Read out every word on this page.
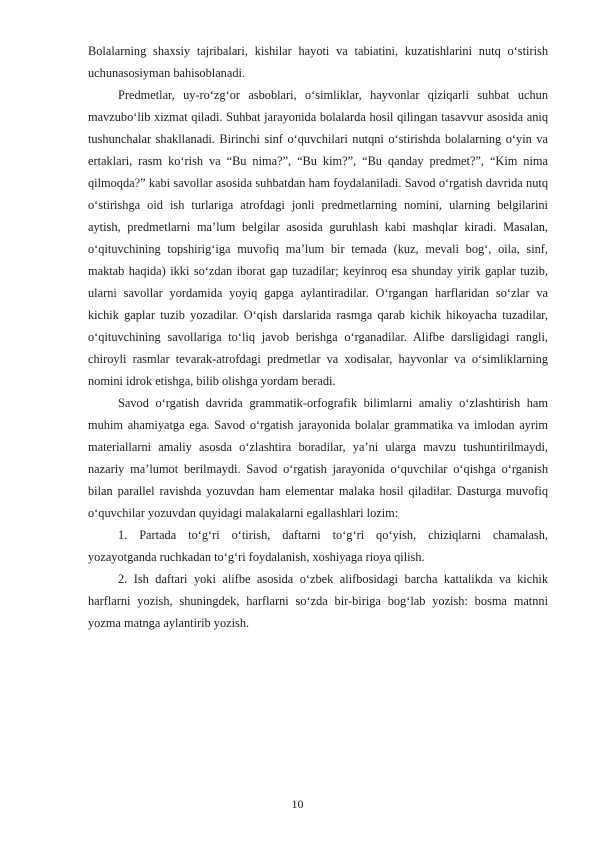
Bolalarning shaxsiy tajribalari, kishilar hayoti va tabiatini, kuzatishlarini nutq o‘stirish uchunasosiyman bahisoblanadi.

Predmetlar, uy-ro‘zg‘or asboblari, o‘simliklar, hayvonlar qiziqarli suhbat uchun mavzubo‘lib xizmat qiladi. Suhbat jarayonida bolalarda hosil qilingan tasavvur asosida aniq tushunchalar shakllanadi. Birinchi sinf o‘quvchilari nutqni o‘stirishda bolalarning o‘yin va ertaklari, rasm ko‘rish va “Bu nima?”, “Bu kim?”, “Bu qanday predmet?”, “Kim nima qilmoqda?” kabi savollar asosida suhbatdan ham foydalaniladi. Savod o‘rgatish davrida nutq o‘stirishga oid ish turlariga atrofdagi jonli predmetlarning nomini, ularning belgilarini aytish, predmetlarni ma’lum belgilar asosida guruhlash kabi mashqlar kiradi. Masalan, o‘qituvchining topshirig‘iga muvofiq ma’lum bir temada (kuz, mevali bog‘, oila, sinf, maktab haqida) ikki so‘zdan iborat gap tuzadilar; keyinroq esa shunday yirik gaplar tuzib, ularni savollar yordamida yoyiq gapga aylantiradilar. O‘rgangan harflaridan so‘zlar va kichik gaplar tuzib yozadilar. O‘qish darslarida rasmga qarab kichik hikoyacha tuzadilar, o‘qituvchining savollariga to‘liq javob berishga o‘rganadilar. Alifbe darsligidagi rangli, chiroyli rasmlar tevarak-atrofdagi predmetlar va xodisalar, hayvonlar va o‘simliklarning nomini idrok etishga, bilib olishga yordam beradi.

Savod o‘rgatish davrida grammatik-orfografik bilimlarni amaliy o‘zlashtirish ham muhim ahamiyatga ega. Savod o‘rgatish jarayonida bolalar grammatika va imlodan ayrim materiallarni amaliy asosda o‘zlashtira boradilar, ya’ni ularga mavzu tushuntirilmaydi, nazariy ma’lumot berilmaydi. Savod o‘rgatish jarayonida o‘quvchilar o‘qishga o‘rganish bilan parallel ravishda yozuvdan ham elementar malaka hosil qiladilar. Dasturga muvofiq o‘quvchilar yozuvdan quyidagi malakalarni egallashlari lozim:

1. Partada to‘g‘ri o‘tirish, daftarni to‘g‘ri qo‘yish, chiziqlarni chamalash, yozayotganda ruchkadan to‘g‘ri foydalanish, xoshiyaga rioya qilish.

2. Ish daftari yoki alifbe asosida o‘zbek alifbosidagi barcha kattalikda va kichik harflarni yozish, shuningdek, harflarni so‘zda bir-biriga bog‘lab yozish: bosma matnni yozma matnga aylantirib yozish.

10
